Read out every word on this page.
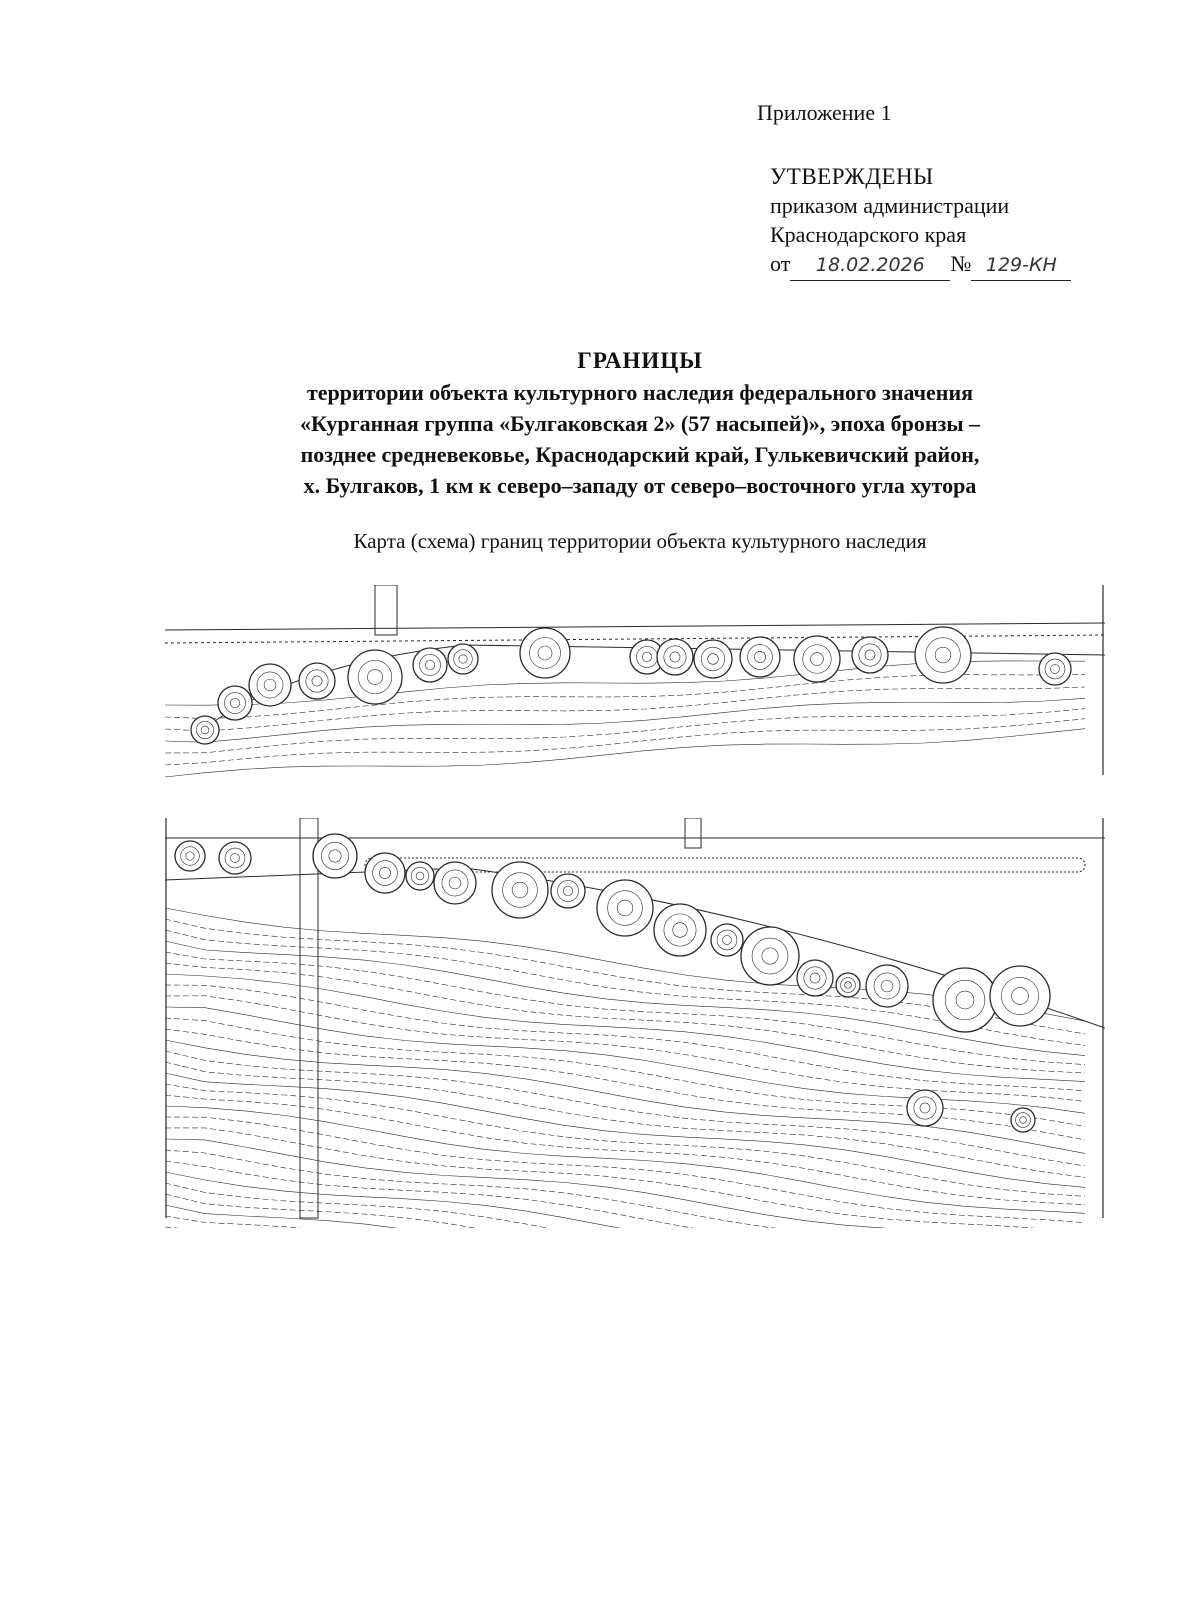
Приложение 1
УТВЕРЖДЕНЫ
приказом администрации
Краснодарского края
от 18.02.2026 № 129-КН
ГРАНИЦЫ
территории объекта культурного наследия федерального значения
«Курганная группа «Булгаковская 2» (57 насыпей)», эпоха бронзы –
позднее средневековье, Краснодарский край, Гулькевичский район,
х. Булгаков, 1 км к северо–западу от северо–восточного угла хутора
Карта (схема) границ территории объекта культурного наследия
